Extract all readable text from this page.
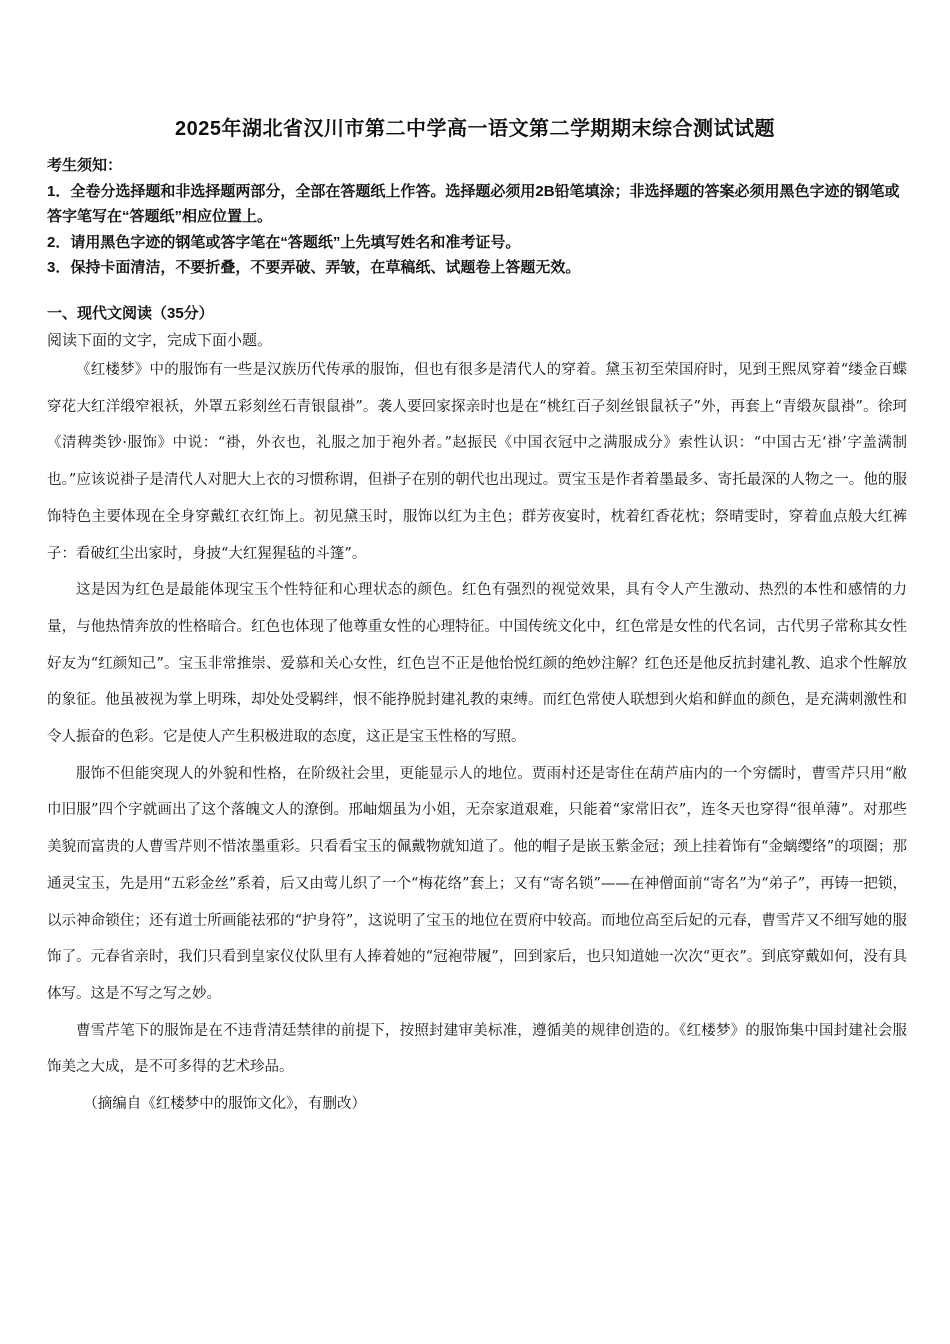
2025年湖北省汉川市第二中学高一语文第二学期期末综合测试试题

考生须知：

1．全卷分选择题和非选择题两部分，全部在答题纸上作答。选择题必须用2B铅笔填涂；非选择题的答案必须用黑色字迹的钢笔或答字笔写在“答题纸”相应位置上。

2．请用黑色字迹的钢笔或答字笔在“答题纸”上先填写姓名和准考证号。

3．保持卡面清洁，不要折叠，不要弄破、弄皱，在草稿纸、试题卷上答题无效。

一、现代文阅读（35分）

阅读下面的文字，完成下面小题。

《红楼梦》中的服饰有一些是汉族历代传承的服饰，但也有很多是清代人的穿着。黛玉初至荣国府时，见到王熙凤穿着“缕金百蝶穿花大红洋缎窄裉袄，外罩五彩刻丝石青银鼠褂”。袭人要回家探亲时也是在“桃红百子刻丝银鼠袄子”外，再套上“青缎灰鼠褂”。徐珂《清稗类钞·服饰》中说：“褂，外衣也，礼服之加于袍外者。”赵振民《中国衣冠中之满服成分》索性认识：“中国古无‘褂’字盖满制也。”应该说褂子是清代人对肥大上衣的习惯称谓，但褂子在别的朝代也出现过。贾宝玉是作者着墨最多、寄托最深的人物之一。他的服饰特色主要体现在全身穿戴红衣红饰上。初见黛玉时，服饰以红为主色；群芳夜宴时，枕着红香花枕；祭晴雯时，穿着血点般大红裤子：看破红尘出家时，身披“大红猩猩毡的斗篷”。

这是因为红色是最能体现宝玉个性特征和心理状态的颜色。红色有强烈的视觉效果，具有令人产生激动、热烈的本性和感情的力量，与他热情奔放的性格暗合。红色也体现了他尊重女性的心理特征。中国传统文化中，红色常是女性的代名词，古代男子常称其女性好友为“红颜知己”。宝玉非常推崇、爱慕和关心女性，红色岂不正是他怡悦红颜的绝妙注解？红色还是他反抗封建礼教、追求个性解放的象征。他虽被视为掌上明珠，却处处受羁绊，恨不能挣脱封建礼教的束缚。而红色常使人联想到火焰和鲜血的颜色，是充满刺激性和令人振奋的色彩。它是使人产生积极进取的态度，这正是宝玉性格的写照。

服饰不但能突现人的外貌和性格，在阶级社会里，更能显示人的地位。贾雨村还是寄住在葫芦庙内的一个穷儒时，曹雪芹只用“敝巾旧服”四个字就画出了这个落魄文人的潦倒。邢岫烟虽为小姐，无奈家道艰难，只能着“家常旧衣”，连冬天也穿得“很单薄”。对那些美貌而富贵的人曹雪芹则不惜浓墨重彩。只看看宝玉的佩戴物就知道了。他的帽子是嵌玉紫金冠；颈上挂着饰有“金螭缨络”的项圈；那通灵宝玉，先是用“五彩金丝”系着，后又由莺儿织了一个“梅花络”套上；又有“寄名锁”——在神僧面前“寄名”为“弟子”，再铸一把锁，以示神命锁住；还有道士所画能祛邪的“护身符”，这说明了宝玉的地位在贾府中较高。而地位高至后妃的元春，曹雪芹又不细写她的服饰了。元春省亲时，我们只看到皇家仪仗队里有人捧着她的“冠袍带履”，回到家后，也只知道她一次次“更衣”。到底穿戴如何，没有具体写。这是不写之写之妙。

曹雪芹笔下的服饰是在不违背清廷禁律的前提下，按照封建审美标准，遵循美的规律创造的。《红楼梦》的服饰集中国封建社会服饰美之大成，是不可多得的艺术珍品。

（摘编自《红楼梦中的服饰文化》，有删改）
